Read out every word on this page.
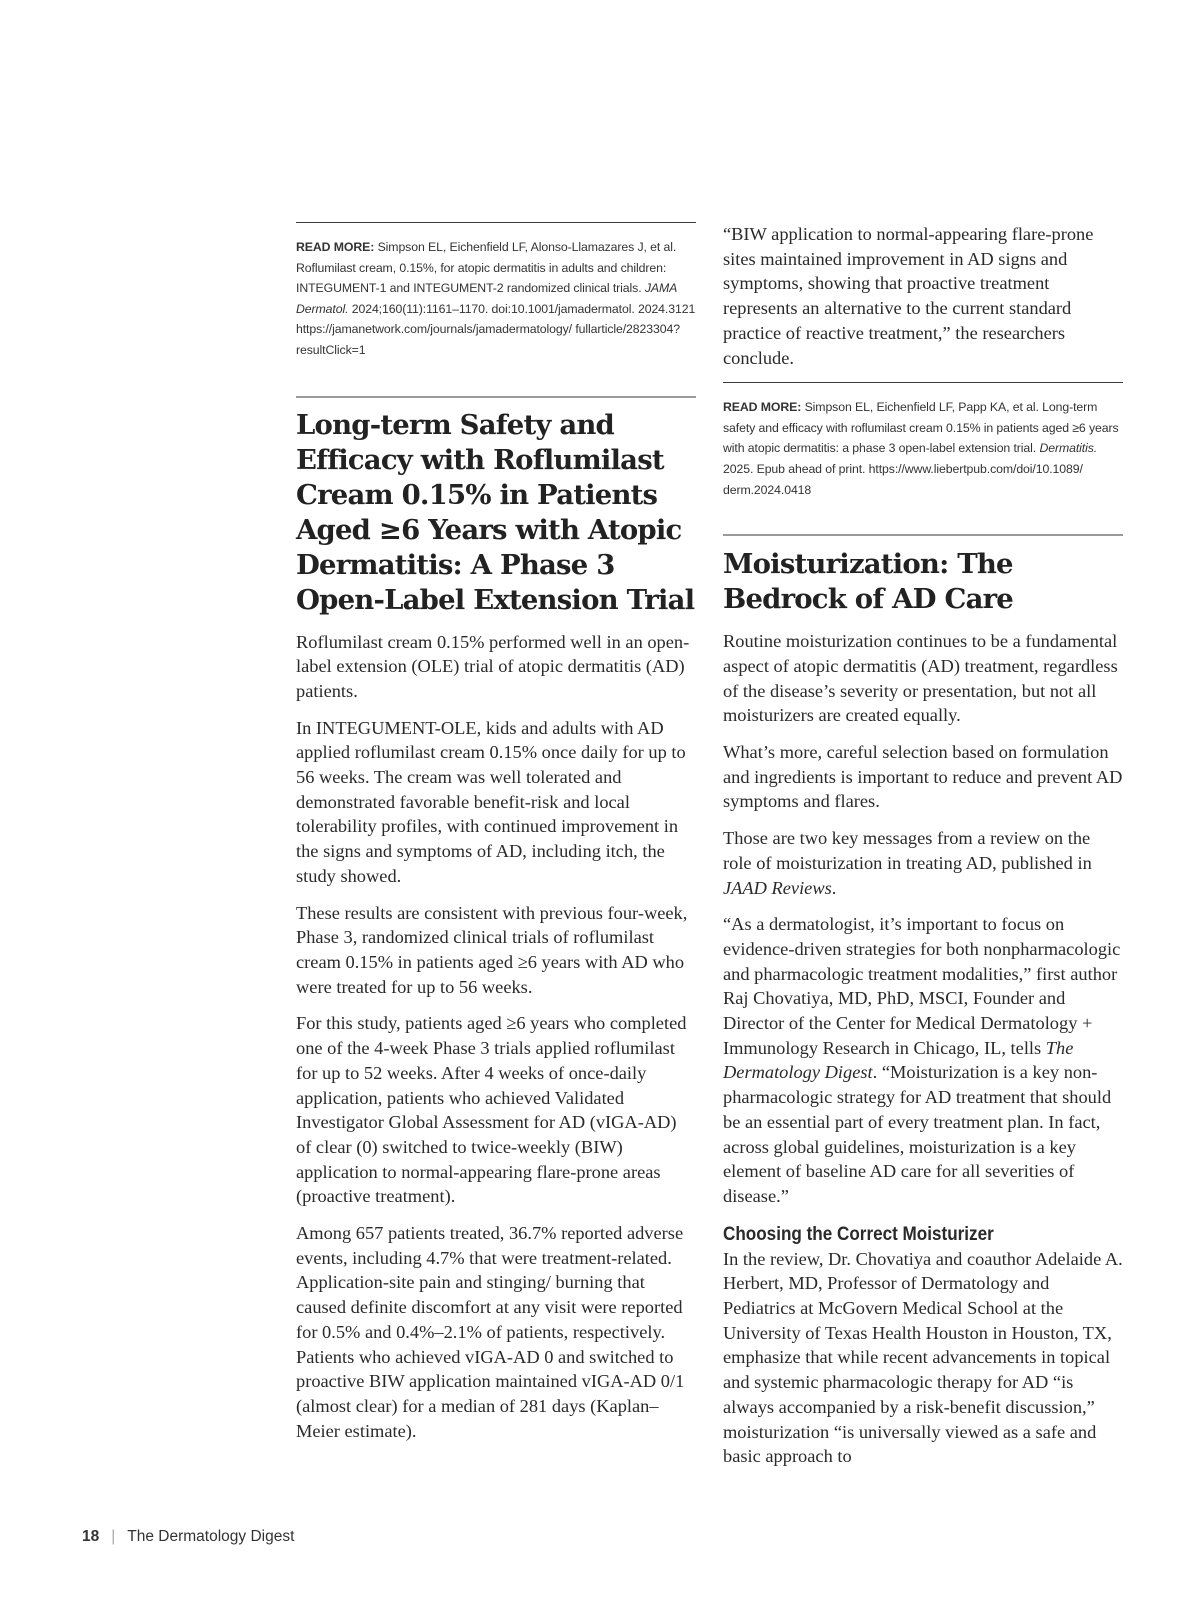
READ MORE: Simpson EL, Eichenfield LF, Alonso-Llamazares J, et al. Roflumilast cream, 0.15%, for atopic dermatitis in adults and children: INTEGUMENT-1 and INTEGUMENT-2 randomized clinical trials. JAMA Dermatol. 2024;160(11):1161–1170. doi:10.1001/jamadermatol. 2024.3121 https://jamanetwork.com/journals/jamadermatology/ fullarticle/2823304?resultClick=1

Long-term Safety and Efficacy with Roflumilast Cream 0.15% in Patients Aged ≥6 Years with Atopic Dermatitis: A Phase 3 Open-Label Extension Trial

Roflumilast cream 0.15% performed well in an open-label extension (OLE) trial of atopic dermatitis (AD) patients.

In INTEGUMENT-OLE, kids and adults with AD applied roflumilast cream 0.15% once daily for up to 56 weeks. The cream was well tolerated and demonstrated favorable benefit-risk and local tolerability profiles, with continued improvement in the signs and symptoms of AD, including itch, the study showed.

These results are consistent with previous four-week, Phase 3, randomized clinical trials of roflumilast cream 0.15% in patients aged ≥6 years with AD who were treated for up to 56 weeks.

For this study, patients aged ≥6 years who completed one of the 4-week Phase 3 trials applied roflumilast for up to 52 weeks. After 4 weeks of once-daily application, patients who achieved Validated Investigator Global Assessment for AD (vIGA-AD) of clear (0) switched to twice-weekly (BIW) application to normal-appearing flare-prone areas (proactive treatment).

Among 657 patients treated, 36.7% reported adverse events, including 4.7% that were treatment-related. Application-site pain and stinging/ burning that caused definite discomfort at any visit were reported for 0.5% and 0.4%–2.1% of patients, respectively. Patients who achieved vIGA-AD 0 and switched to proactive BIW application maintained vIGA-AD 0/1 (almost clear) for a median of 281 days (Kaplan–Meier estimate).

“BIW application to normal-appearing flare-prone sites maintained improvement in AD signs and symptoms, showing that proactive treatment represents an alternative to the current standard practice of reactive treatment,” the researchers conclude.

READ MORE: Simpson EL, Eichenfield LF, Papp KA, et al. Long-term safety and efficacy with roflumilast cream 0.15% in patients aged ≥6 years with atopic dermatitis: a phase 3 open-label extension trial. Dermatitis. 2025. Epub ahead of print. https://www.liebertpub.com/doi/10.1089/ derm.2024.0418

Moisturization: The Bedrock of AD Care

Routine moisturization continues to be a fundamental aspect of atopic dermatitis (AD) treatment, regardless of the disease’s severity or presentation, but not all moisturizers are created equally.

What’s more, careful selection based on formulation and ingredients is important to reduce and prevent AD symptoms and flares.

Those are two key messages from a review on the role of moisturization in treating AD, published in JAAD Reviews.

“As a dermatologist, it’s important to focus on evidence-driven strategies for both nonpharmacologic and pharmacologic treatment modalities,” first author Raj Chovatiya, MD, PhD, MSCI, Founder and Director of the Center for Medical Dermatology + Immunology Research in Chicago, IL, tells The Dermatology Digest. “Moisturization is a key non-pharmacologic strategy for AD treatment that should be an essential part of every treatment plan. In fact, across global guidelines, moisturization is a key element of baseline AD care for all severities of disease.”

Choosing the Correct Moisturizer

In the review, Dr. Chovatiya and coauthor Adelaide A. Herbert, MD, Professor of Dermatology and Pediatrics at McGovern Medical School at the University of Texas Health Houston in Houston, TX, emphasize that while recent advancements in topical and systemic pharmacologic therapy for AD “is always accompanied by a risk-benefit discussion,” moisturization “is universally viewed as a safe and basic approach to

18 | The Dermatology Digest
